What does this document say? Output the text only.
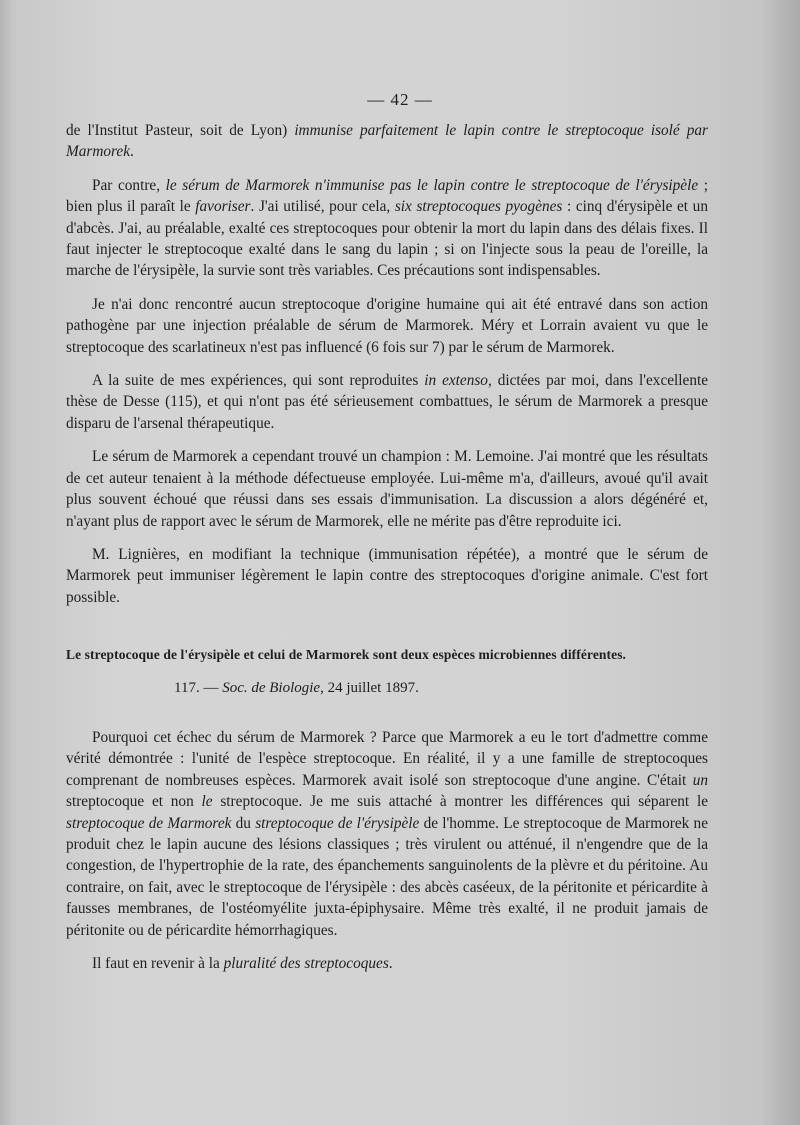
— 42 —

de l'Institut Pasteur, soit de Lyon) immunise parfaitement le lapin contre le streptocoque isolé par Marmorek.

Par contre, le sérum de Marmorek n'immunise pas le lapin contre le streptocoque de l'érysipèle ; bien plus il paraît le favoriser. J'ai utilisé, pour cela, six streptocoques pyogènes : cinq d'érysipèle et un d'abcès. J'ai, au préalable, exalté ces streptocoques pour obtenir la mort du lapin dans des délais fixes. Il faut injecter le streptocoque exalté dans le sang du lapin ; si on l'injecte sous la peau de l'oreille, la marche de l'érysipèle, la survie sont très variables. Ces précautions sont indispensables.

Je n'ai donc rencontré aucun streptocoque d'origine humaine qui ait été entravé dans son action pathogène par une injection préalable de sérum de Marmorek. Méry et Lorrain avaient vu que le streptocoque des scarlatineux n'est pas influencé (6 fois sur 7) par le sérum de Marmorek.

A la suite de mes expériences, qui sont reproduites in extenso, dictées par moi, dans l'excellente thèse de Desse (115), et qui n'ont pas été sérieusement combattues, le sérum de Marmorek a presque disparu de l'arsenal thérapeutique.

Le sérum de Marmorek a cependant trouvé un champion : M. Lemoine. J'ai montré que les résultats de cet auteur tenaient à la méthode défectueuse employée. Lui-même m'a, d'ailleurs, avoué qu'il avait plus souvent échoué que réussi dans ses essais d'immunisation. La discussion a alors dégénéré et, n'ayant plus de rapport avec le sérum de Marmorek, elle ne mérite pas d'être reproduite ici.

M. Lignières, en modifiant la technique (immunisation répétée), a montré que le sérum de Marmorek peut immuniser légèrement le lapin contre des streptocoques d'origine animale. C'est fort possible.

Le streptocoque de l'érysipèle et celui de Marmorek sont deux espèces microbiennes différentes.
117. — Soc. de Biologie, 24 juillet 1897.

Pourquoi cet échec du sérum de Marmorek ? Parce que Marmorek a eu le tort d'admettre comme vérité démontrée : l'unité de l'espèce streptocoque. En réalité, il y a une famille de streptocoques comprenant de nombreuses espèces. Marmorek avait isolé son streptocoque d'une angine. C'était un streptocoque et non le streptocoque. Je me suis attaché à montrer les différences qui séparent le streptocoque de Marmorek du streptocoque de l'érysipèle de l'homme. Le streptocoque de Marmorek ne produit chez le lapin aucune des lésions classiques ; très virulent ou atténué, il n'engendre que de la congestion, de l'hypertrophie de la rate, des épanchements sanguinolents de la plèvre et du péritoine. Au contraire, on fait, avec le streptocoque de l'érysipèle : des abcès caséeux, de la péritonite et péricardite à fausses membranes, de l'ostéomyélite juxta-épiphysaire. Même très exalté, il ne produit jamais de péritonite ou de péricardite hémorrhagiques.

Il faut en revenir à la pluralité des streptocoques.
